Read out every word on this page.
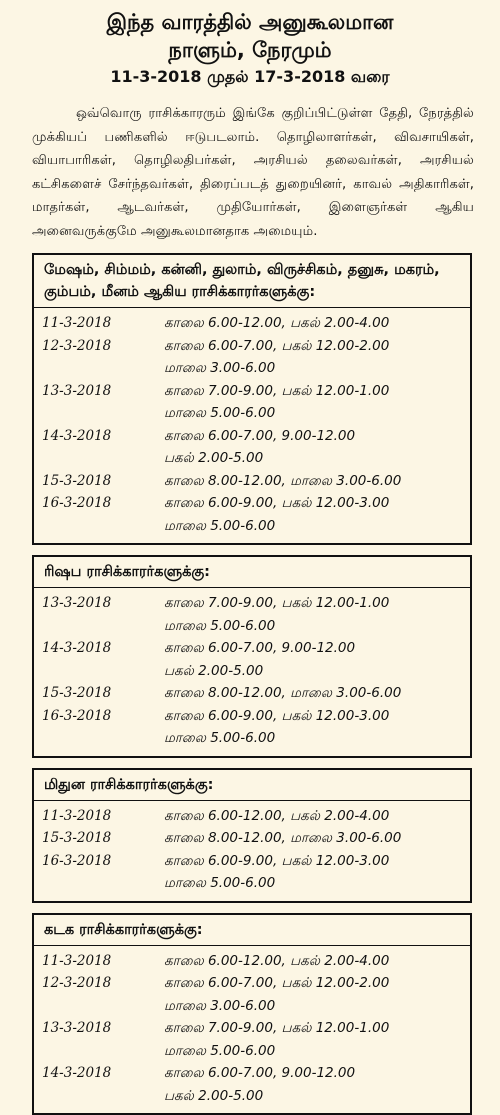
இந்த வாரத்தில் அனுகூலமான
நாளும், நேரமும்
11-3-2018 முதல் 17-3-2018 வரை

ஒவ்வொரு ராசிக்காரரும் இங்கே குறிப்பிட்டுள்ள தேதி, நேரத்தில் முக்கியப் பணிகளில் ஈடுபடலாம். தொழிலாளர்கள், விவசாயிகள், வியாபாரிகள், தொழிலதிபர்கள், அரசியல் தலைவர்கள், அரசியல் கட்சிகளைச் சேர்ந்தவர்கள், திரைப்படத் துறையினர், காவல் அதிகாரிகள், மாதர்கள், ஆடவர்கள், முதியோர்கள், இளைஞர்கள் ஆகிய அனைவருக்குமே அனுகூலமானதாக அமையும்.

மேஷம், சிம்மம், கன்னி, துலாம், விருச்சிகம், தனுசு, மகரம், கும்பம், மீனம் ஆகிய ராசிக்காரர்களுக்கு:
11-3-2018	காலை 6.00-12.00, பகல் 2.00-4.00
12-3-2018	காலை 6.00-7.00, பகல் 12.00-2.00
மாலை 3.00-6.00
13-3-2018	காலை 7.00-9.00, பகல் 12.00-1.00
மாலை 5.00-6.00
14-3-2018	காலை 6.00-7.00, 9.00-12.00
பகல் 2.00-5.00
15-3-2018	காலை 8.00-12.00, மாலை 3.00-6.00
16-3-2018	காலை 6.00-9.00, பகல் 12.00-3.00
மாலை 5.00-6.00
ரிஷப ராசிக்காரர்களுக்கு:
13-3-2018	காலை 7.00-9.00, பகல் 12.00-1.00
மாலை 5.00-6.00
14-3-2018	காலை 6.00-7.00, 9.00-12.00
பகல் 2.00-5.00
15-3-2018	காலை 8.00-12.00, மாலை 3.00-6.00
16-3-2018	காலை 6.00-9.00, பகல் 12.00-3.00
மாலை 5.00-6.00
மிதுன ராசிக்காரர்களுக்கு:
11-3-2018	காலை 6.00-12.00, பகல் 2.00-4.00
15-3-2018	காலை 8.00-12.00, மாலை 3.00-6.00
16-3-2018	காலை 6.00-9.00, பகல் 12.00-3.00
மாலை 5.00-6.00
கடக ராசிக்காரர்களுக்கு:
11-3-2018	காலை 6.00-12.00, பகல் 2.00-4.00
12-3-2018	காலை 6.00-7.00, பகல் 12.00-2.00
மாலை 3.00-6.00
13-3-2018	காலை 7.00-9.00, பகல் 12.00-1.00
மாலை 5.00-6.00
14-3-2018	காலை 6.00-7.00, 9.00-12.00
பகல் 2.00-5.00
